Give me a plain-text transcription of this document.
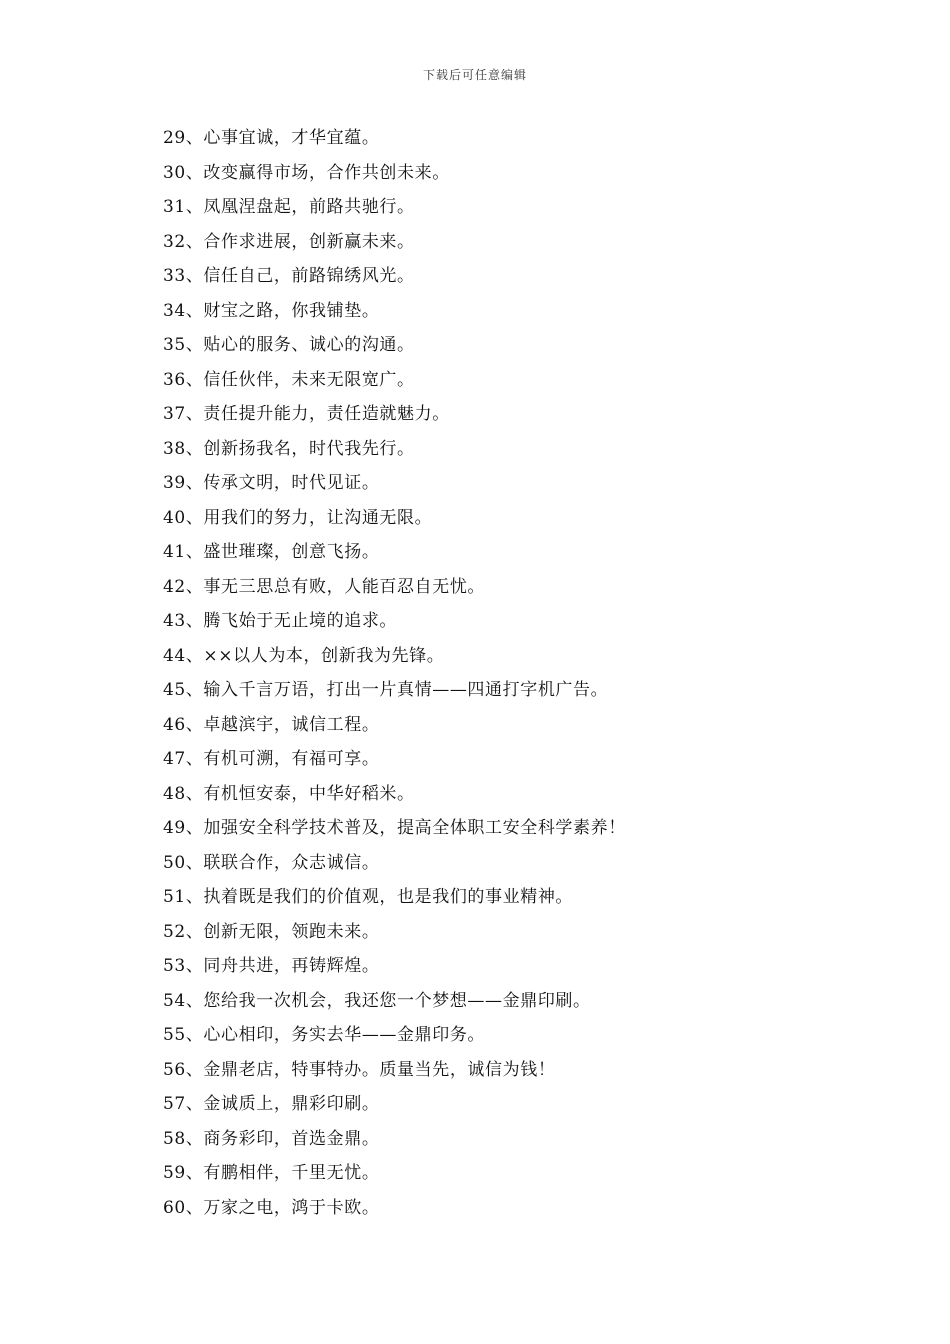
下载后可任意编辑
29、心事宜诚，才华宜蕴。
30、改变赢得市场，合作共创未来。
31、凤凰涅盘起，前路共驰行。
32、合作求进展，创新赢未来。
33、信任自己，前路锦绣风光。
34、财宝之路，你我铺垫。
35、贴心的服务、诚心的沟通。
36、信任伙伴，未来无限宽广。
37、责任提升能力，责任造就魅力。
38、创新扬我名，时代我先行。
39、传承文明，时代见证。
40、用我们的努力，让沟通无限。
41、盛世璀璨，创意飞扬。
42、事无三思总有败，人能百忍自无忧。
43、腾飞始于无止境的追求。
44、××以人为本，创新我为先锋。
45、输入千言万语，打出一片真情——四通打字机广告。
46、卓越滨宇，诚信工程。
47、有机可溯，有福可享。
48、有机恒安泰，中华好稻米。
49、加强安全科学技术普及，提高全体职工安全科学素养！
50、联联合作，众志诚信。
51、执着既是我们的价值观，也是我们的事业精神。
52、创新无限，领跑未来。
53、同舟共进，再铸辉煌。
54、您给我一次机会，我还您一个梦想——金鼎印刷。
55、心心相印，务实去华——金鼎印务。
56、金鼎老店，特事特办。质量当先，诚信为钱！
57、金诚质上，鼎彩印刷。
58、商务彩印，首选金鼎。
59、有鹏相伴，千里无忧。
60、万家之电，鸿于卡欧。
